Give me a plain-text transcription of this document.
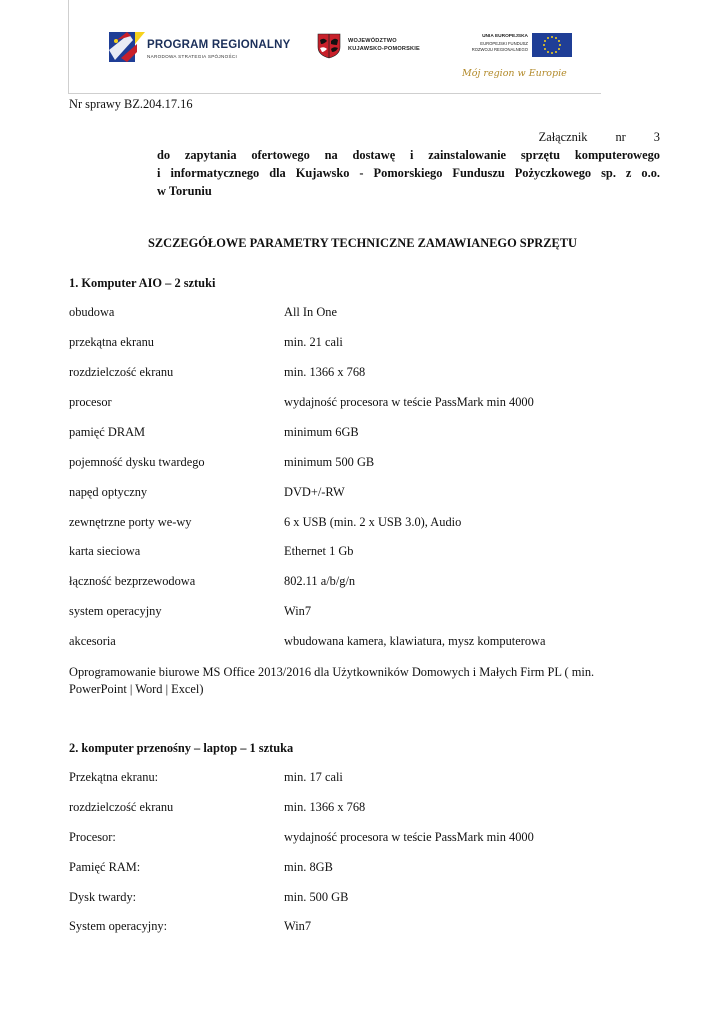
PROGRAM REGIONALNY
NARODOWA STRATEGIA SPÓJNOŚCI
WOJEWÓDZTWO
KUJAWSKO-POMORSKIE
UNIA EUROPEJSKA
EUROPEJSKI FUNDUSZ
ROZWOJU REGIONALNEGO
Mój region w Europie

Nr sprawy BZ.204.17.16

Załącznik nr 3
do zapytania ofertowego na dostawę i zainstalowanie sprzętu komputerowego
i informatycznego dla Kujawsko - Pomorskiego Funduszu Pożyczkowego sp. z o.o.
w Toruniu
SZCZEGÓŁOWE PARAMETRY TECHNICZNE ZAMAWIANEGO SPRZĘTU

1. Komputer AIO – 2 sztuki

obudowa	All In One

przekątna ekranu	min. 21 cali

rozdzielczość ekranu	min. 1366 x 768

procesor	wydajność procesora w teście PassMark min 4000

pamięć DRAM	minimum 6GB

pojemność dysku twardego	minimum 500 GB

napęd optyczny	DVD+/-RW

zewnętrzne porty we-wy	6 x USB (min. 2 x USB 3.0), Audio

karta sieciowa	Ethernet 1 Gb

łączność bezprzewodowa	802.11 a/b/g/n

system operacyjny	Win7

akcesoria	wbudowana kamera, klawiatura, mysz komputerowa

Oprogramowanie biurowe MS Office 2013/2016 dla Użytkowników Domowych i Małych Firm PL ( min.
PowerPoint | Word | Excel)

2. komputer przenośny – laptop – 1 sztuka

Przekątna ekranu:	min. 17 cali

rozdzielczość ekranu	min. 1366 x 768

Procesor:	wydajność procesora w teście PassMark min 4000

Pamięć RAM:	min. 8GB

Dysk twardy:	min. 500 GB

System operacyjny:	Win7
